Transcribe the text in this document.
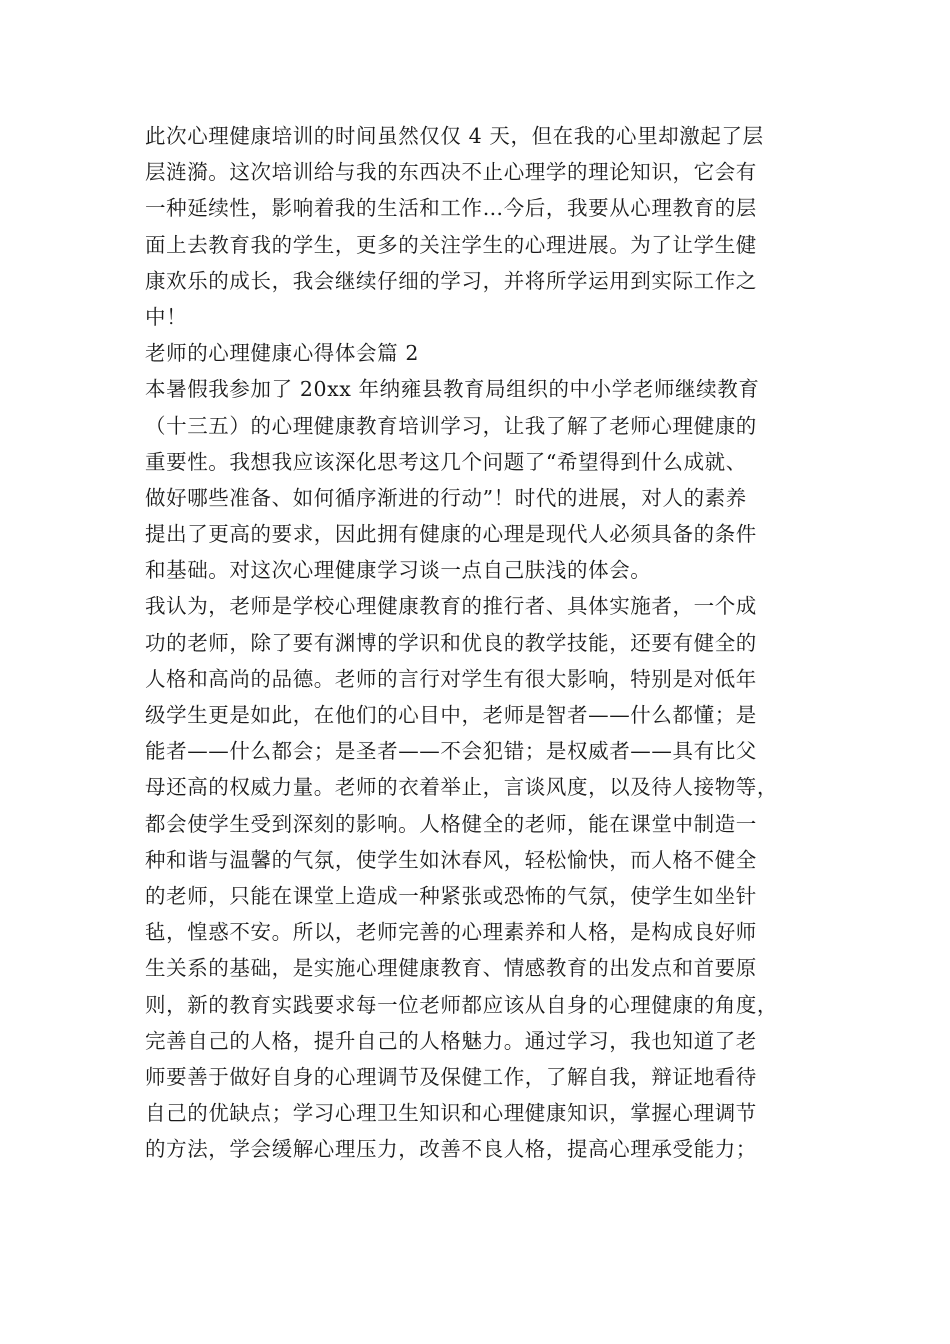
此次心理健康培训的时间虽然仅仅 4 天，但在我的心里却激起了层
层涟漪。这次培训给与我的东西决不止心理学的理论知识，它会有
一种延续性，影响着我的生活和工作…今后，我要从心理教育的层
面上去教育我的学生，更多的关注学生的心理进展。为了让学生健
康欢乐的成长，我会继续仔细的学习，并将所学运用到实际工作之
中！
老师的心理健康心得体会篇 2
本暑假我参加了 20xx 年纳雍县教育局组织的中小学老师继续教育
（十三五）的心理健康教育培训学习，让我了解了老师心理健康的
重要性。我想我应该深化思考这几个问题了“希望得到什么成就、
做好哪些准备、如何循序渐进的行动”！时代的进展，对人的素养
提出了更高的要求，因此拥有健康的心理是现代人必须具备的条件
和基础。对这次心理健康学习谈一点自己肤浅的体会。
我认为，老师是学校心理健康教育的推行者、具体实施者，一个成
功的老师，除了要有渊博的学识和优良的教学技能，还要有健全的
人格和高尚的品德。老师的言行对学生有很大影响，特别是对低年
级学生更是如此，在他们的心目中，老师是智者——什么都懂；是
能者——什么都会；是圣者——不会犯错；是权威者——具有比父
母还高的权威力量。老师的衣着举止，言谈风度，以及待人接物等，
都会使学生受到深刻的影响。人格健全的老师，能在课堂中制造一
种和谐与温馨的气氛，使学生如沐春风，轻松愉快，而人格不健全
的老师，只能在课堂上造成一种紧张或恐怖的气氛，使学生如坐针
毡，惶惑不安。所以，老师完善的心理素养和人格，是构成良好师
生关系的基础，是实施心理健康教育、情感教育的出发点和首要原
则，新的教育实践要求每一位老师都应该从自身的心理健康的角度，
完善自己的人格，提升自己的人格魅力。通过学习，我也知道了老
师要善于做好自身的心理调节及保健工作，了解自我，辩证地看待
自己的优缺点；学习心理卫生知识和心理健康知识，掌握心理调节
的方法，学会缓解心理压力，改善不良人格，提高心理承受能力；
